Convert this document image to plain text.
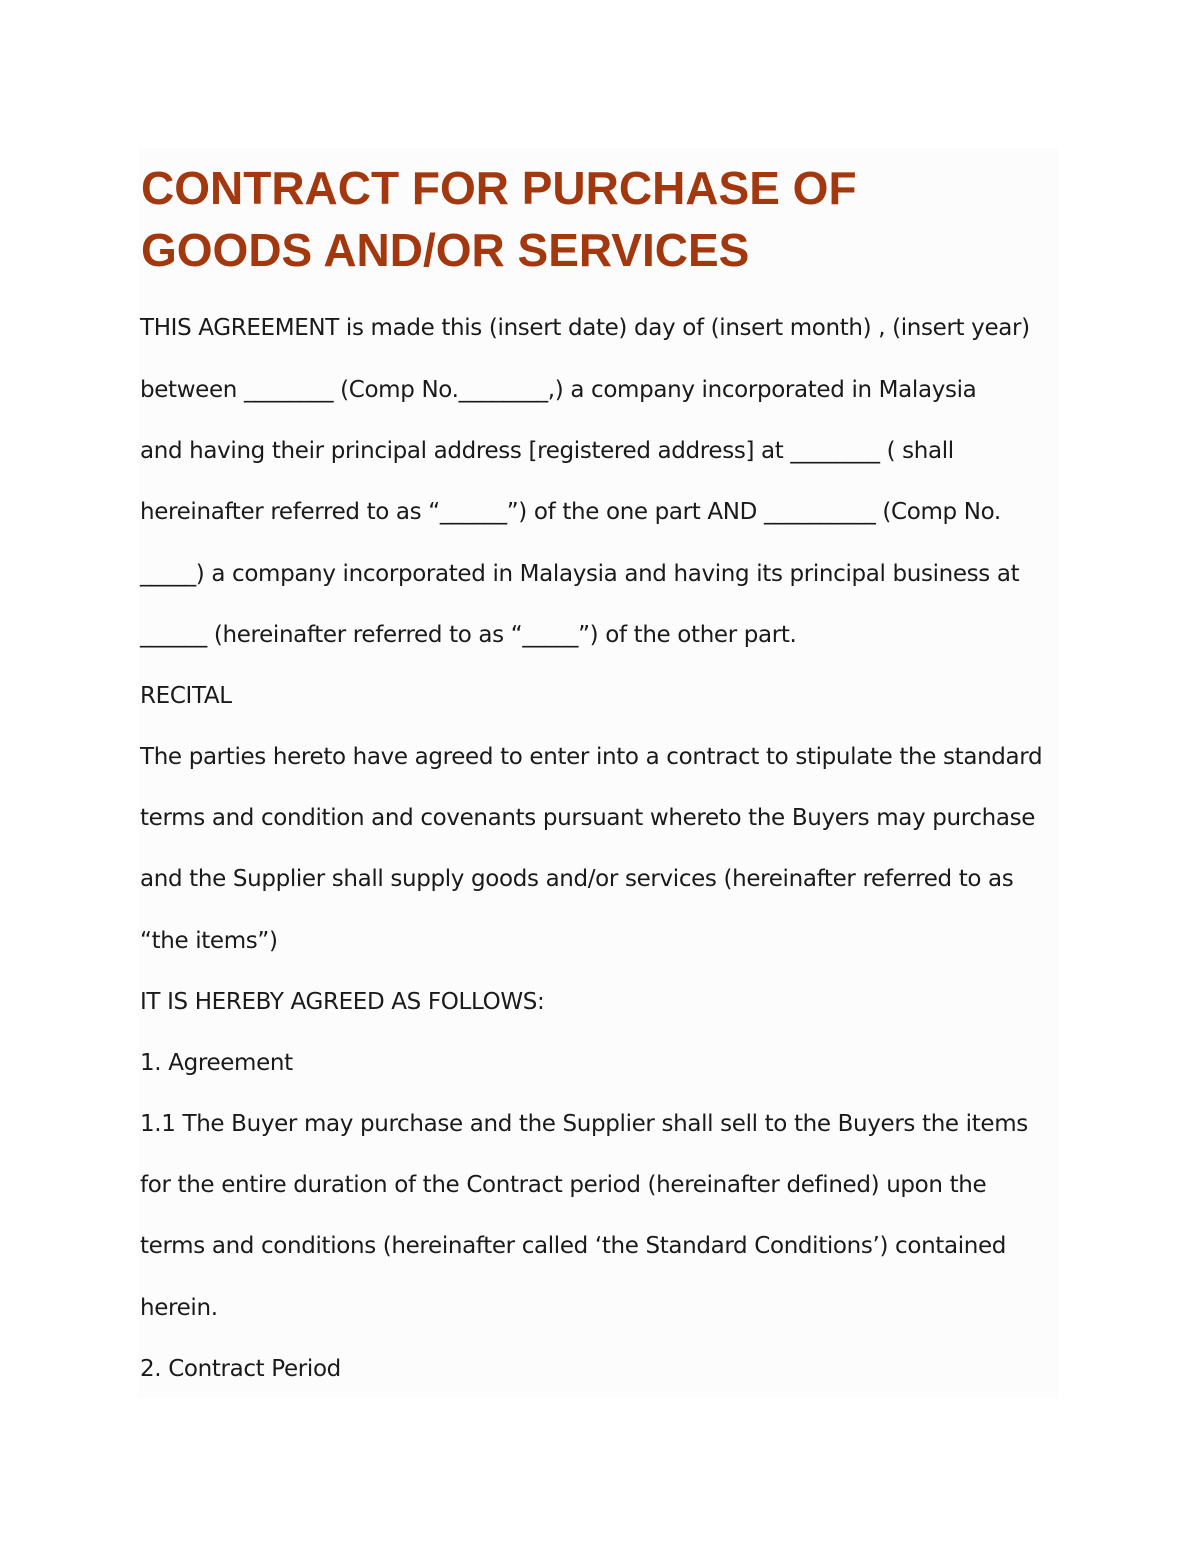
CONTRACT FOR PURCHASE OF
GOODS AND/OR SERVICES

THIS AGREEMENT is made this (insert date) day of (insert month) , (insert year)

between ________ (Comp No.________,) a company incorporated in Malaysia

and having their principal address [registered address] at ________ ( shall

hereinafter referred to as “______”) of the one part AND __________ (Comp No.

_____) a company incorporated in Malaysia and having its principal business at

______ (hereinafter referred to as “_____”) of the other part.

RECITAL

The parties hereto have agreed to enter into a contract to stipulate the standard

terms and condition and covenants pursuant whereto the Buyers may purchase

and the Supplier shall supply goods and/or services (hereinafter referred to as

“the items”)

IT IS HEREBY AGREED AS FOLLOWS:

1. Agreement

1.1 The Buyer may purchase and the Supplier shall sell to the Buyers the items

for the entire duration of the Contract period (hereinafter defined) upon the

terms and conditions (hereinafter called ‘the Standard Conditions’) contained

herein.

2. Contract Period
